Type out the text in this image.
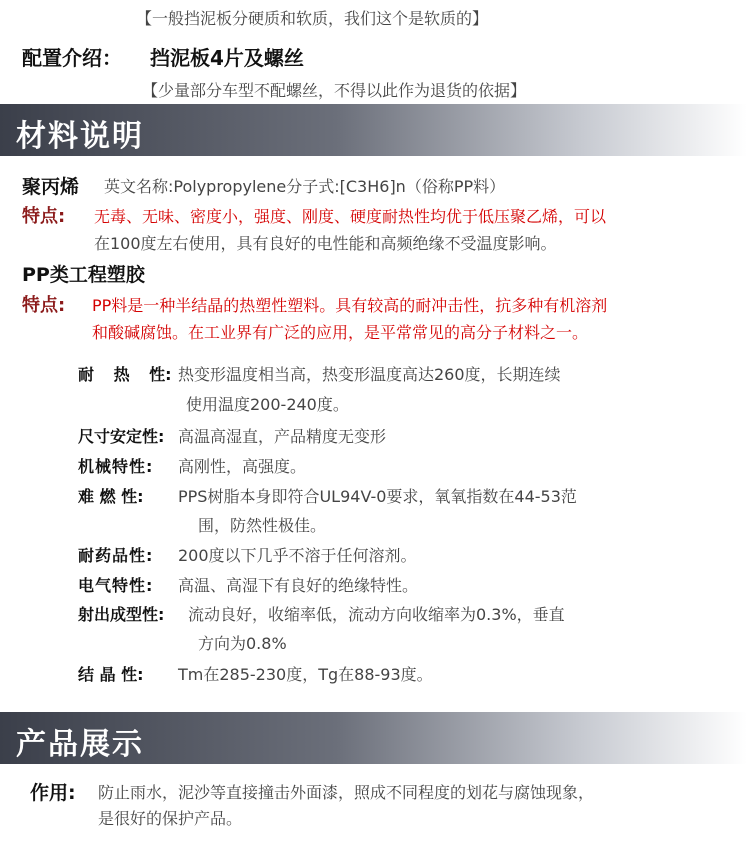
【一般挡泥板分硬质和软质，我们这个是软质的】
配置介绍： 挡泥板4片及螺丝
【少量部分车型不配螺丝，不得以此作为退货的依据】
材料说明
聚丙烯 英文名称:Polypropylene分子式:[C3H6]n（俗称PP料）
特点: 无毒、无味、密度小，强度、刚度、硬度耐热性均优于低压聚乙烯，可以
在100度左右使用，具有良好的电性能和高频绝缘不受温度影响。
PP类工程塑胶
特点: PP料是一种半结晶的热塑性塑料。具有较高的耐冲击性，抗多种有机溶剂
和酸碱腐蚀。在工业界有广泛的应用，是平常常见的高分子材料之一。
耐 热 性: 热变形温度相当高，热变形温度高达260度，长期连续
使用温度200-240度。
尺寸安定性: 高温高湿直，产品精度无变形
机械特性: 高刚性，高强度。
难 燃 性: PPS树脂本身即符合UL94V-0要求，氧氧指数在44-53范
围，防然性极佳。
耐药品性: 200度以下几乎不溶于任何溶剂。
电气特性: 高温、高湿下有良好的绝缘特性。
射出成型性: 流动良好，收缩率低，流动方向收缩率为0.3%，垂直
方向为0.8%
结 晶 性: Tm在285-230度，Tg在88-93度。
产品展示
作用: 防止雨水，泥沙等直接撞击外面漆，照成不同程度的划花与腐蚀现象，
是很好的保护产品。
